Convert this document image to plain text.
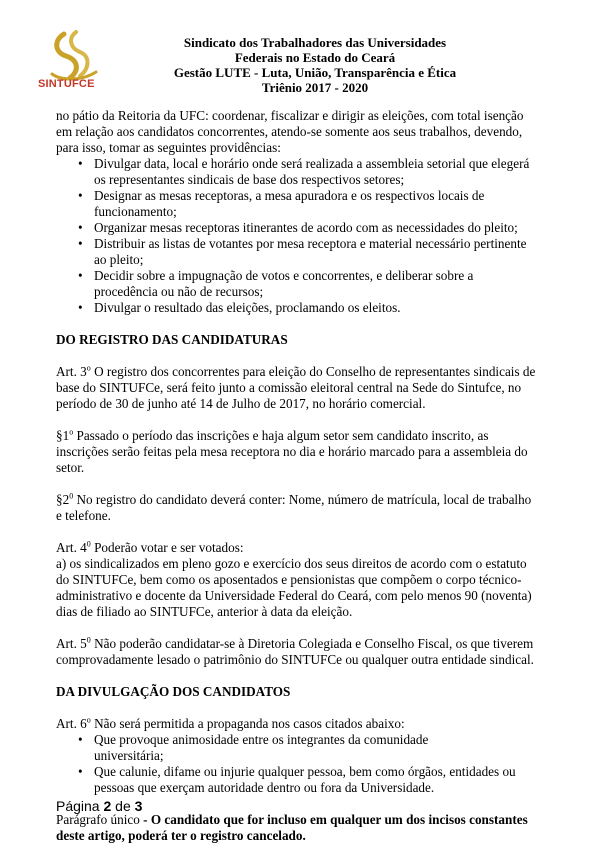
SINTUFCE
Sindicato dos Trabalhadores das Universidades
Federais no Estado do Ceará
Gestão LUTE - Luta, União, Transparência e Ética
Triênio 2017 - 2020

no pátio da Reitoria da UFC: coordenar, fiscalizar e dirigir as eleições, com total isenção em relação aos candidatos concorrentes, atendo-se somente aos seus trabalhos, devendo, para isso, tomar as seguintes providências:

• Divulgar data, local e horário onde será realizada a assembleia setorial que elegerá os representantes sindicais de base dos respectivos setores;
• Designar as mesas receptoras, a mesa apuradora e os respectivos locais de funcionamento;
• Organizar mesas receptoras itinerantes de acordo com as necessidades do pleito;
• Distribuir as listas de votantes por mesa receptora e material necessário pertinente ao pleito;
• Decidir sobre a impugnação de votos e concorrentes, e deliberar sobre a procedência ou não de recursos;
• Divulgar o resultado das eleições, proclamando os eleitos.

DO REGISTRO DAS CANDIDATURAS

Art. 3$^o$ O registro dos concorrentes para eleição do Conselho de representantes sindicais de base do SINTUFCe, será feito junto a comissão eleitoral central na Sede do Sintufce, no período de 30 de junho até 14 de Julho de 2017, no horário comercial.

§1$^o$ Passado o período das inscrições e haja algum setor sem candidato inscrito, as inscrições serão feitas pela mesa receptora no dia e horário marcado para a assembleia do setor.

$\S 2^0$ No registro do candidato deverá conter: Nome, número de matrícula, local de trabalho e telefone.

Art. $4^0$ Poderão votar e ser votados:

a) os sindicalizados em pleno gozo e exercício dos seus direitos de acordo com o estatuto do SINTUFCe, bem como os aposentados e pensionistas que compõem o corpo técnico-administrativo e docente da Universidade Federal do Ceará, com pelo menos 90 (noventa) dias de filiado ao SINTUFCe, anterior à data da eleição.

Art. $5^0$ Não poderão candidatar-se à Diretoria Colegiada e Conselho Fiscal, os que tiverem comprovadamente lesado o patrimônio do SINTUFCe ou qualquer outra entidade sindical.

DA DIVULGAÇÃO DOS CANDIDATOS

Art. 6$^o$ Não será permitida a propaganda nos casos citados abaixo:

• Que provoque animosidade entre os integrantes da comunidade                   universitária;
• Que calunie, difame ou injurie qualquer pessoa, bem como órgãos, entidades ou pessoas que exerçam autoridade dentro ou fora da Universidade.

Parágrafo único - O candidato que for incluso em qualquer um dos incisos constantes deste artigo, poderá ter o registro cancelado.

Página 2 de 3
